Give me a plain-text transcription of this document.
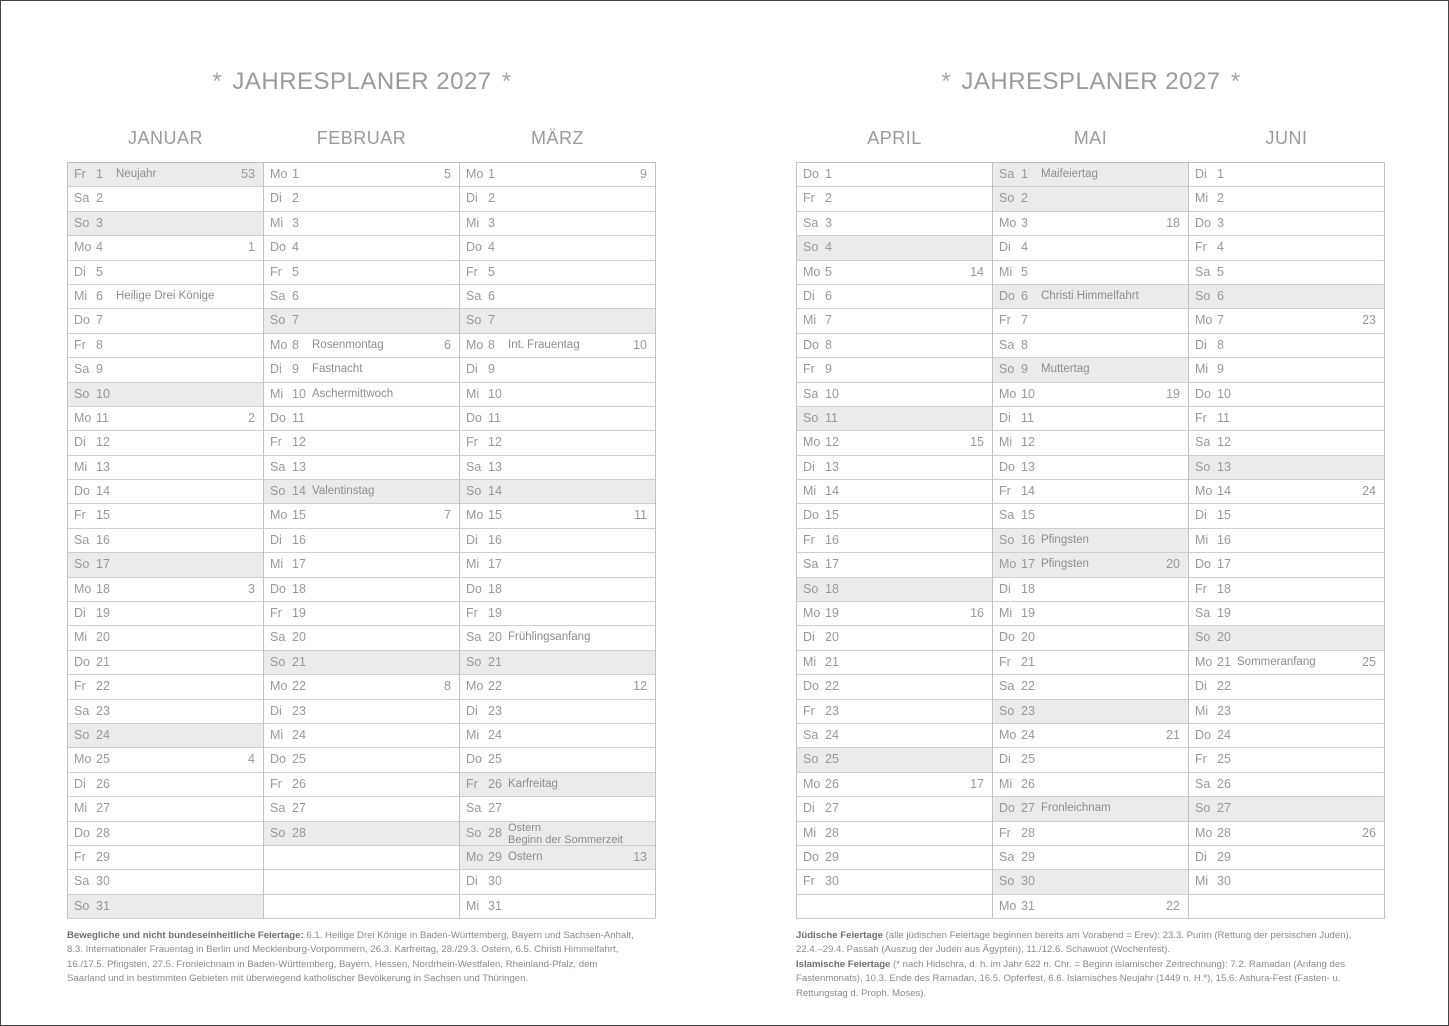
* JAHRESPLANER 2027 *
JANUAR
Fr 1 Neujahr	53
Sa 2
So 3
Mo 4	1
Di 5
Mi 6 Heilige Drei Könige
Do 7
Fr 8
Sa 9
So 10
Mo 11	2
Di 12
Mi 13
Do 14
Fr 15
Sa 16
So 17
Mo 18	3
Di 19
Mi 20
Do 21
Fr 22
Sa 23
So 24
Mo 25	4
Di 26
Mi 27
Do 28
Fr 29
Sa 30
So 31
FEBRUAR
Mo 1	5
Di 2
Mi 3
Do 4
Fr 5
Sa 6
So 7
Mo 8 Rosenmontag	6
Di 9 Fastnacht
Mi 10 Aschermittwoch
Do 11
Fr 12
Sa 13
So 14 Valentinstag
Mo 15	7
Di 16
Mi 17
Do 18
Fr 19
Sa 20
So 21
Mo 22	8
Di 23
Mi 24
Do 25
Fr 26
Sa 27
So 28
MÄRZ
Mo 1	9
Di 2
Mi 3
Do 4
Fr 5
Sa 6
So 7
Mo 8 Int. Frauentag	10
Di 9
Mi 10
Do 11
Fr 12
Sa 13
So 14
Mo 15	11
Di 16
Mi 17
Do 18
Fr 19
Sa 20 Frühlingsanfang
So 21
Mo 22	12
Di 23
Mi 24
Do 25
Fr 26 Karfreitag
Sa 27
So 28 Ostern
Beginn der Sommerzeit
Mo 29 Ostern	13
Di 30
Mi 31
Bewegliche und nicht bundeseinheitliche Feiertage: 6.1. Heilige Drei Könige in Baden-Württemberg, Bayern und Sachsen-Anhalt, 8.3. Internationaler Frauentag in Berlin und Mecklenburg-Vorpommern, 26.3. Karfreitag, 28./29.3. Ostern, 6.5. Christi Himmelfahrt, 16./17.5. Pfingsten, 27.5. Fronleichnam in Baden-Württemberg, Bayern, Hessen, Nordrhein-Westfalen, Rheinland-Pfalz, dem Saarland und in bestimmten Gebieten mit überwiegend katholischer Bevölkerung in Sachsen und Thüringen.
* JAHRESPLANER 2027 *
APRIL
Do 1
Fr 2
Sa 3
So 4
Mo 5	14
Di 6
Mi 7
Do 8
Fr 9
Sa 10
So 11
Mo 12	15
Di 13
Mi 14
Do 15
Fr 16
Sa 17
So 18
Mo 19	16
Di 20
Mi 21
Do 22
Fr 23
Sa 24
So 25
Mo 26	17
Di 27
Mi 28
Do 29
Fr 30
MAI
Sa 1 Maifeiertag
So 2
Mo 3	18
Di 4
Mi 5
Do 6 Christi Himmelfahrt
Fr 7
Sa 8
So 9 Muttertag
Mo 10	19
Di 11
Mi 12
Do 13
Fr 14
Sa 15
So 16 Pfingsten
Mo 17 Pfingsten	20
Di 18
Mi 19
Do 20
Fr 21
Sa 22
So 23
Mo 24	21
Di 25
Mi 26
Do 27 Fronleichnam
Fr 28
Sa 29
So 30
Mo 31	22
JUNI
Di 1
Mi 2
Do 3
Fr 4
Sa 5
So 6
Mo 7	23
Di 8
Mi 9
Do 10
Fr 11
Sa 12
So 13
Mo 14	24
Di 15
Mi 16
Do 17
Fr 18
Sa 19
So 20
Mo 21 Sommeranfang	25
Di 22
Mi 23
Do 24
Fr 25
Sa 26
So 27
Mo 28	26
Di 29
Mi 30
Jüdische Feiertage (alle jüdischen Feiertage beginnen bereits am Vorabend = Erev): 23.3. Purim (Rettung der persischen Juden), 22.4.–29.4. Passah (Auszug der Juden aus Ägypten), 11./12.6. Schawuot (Wochenfest).
Islamische Feiertage (* nach Hidschra, d. h. im Jahr 622 n. Chr. = Beginn islamischer Zeitrechnung): 7.2. Ramadan (Anfang des Fastenmonats), 10.3. Ende des Ramadan, 16.5. Opferfest, 6.6. Islamisches Neujahr (1449 n. H.*), 15.6. Ashura-Fest (Fasten- u. Rettungstag d. Proph. Moses).
